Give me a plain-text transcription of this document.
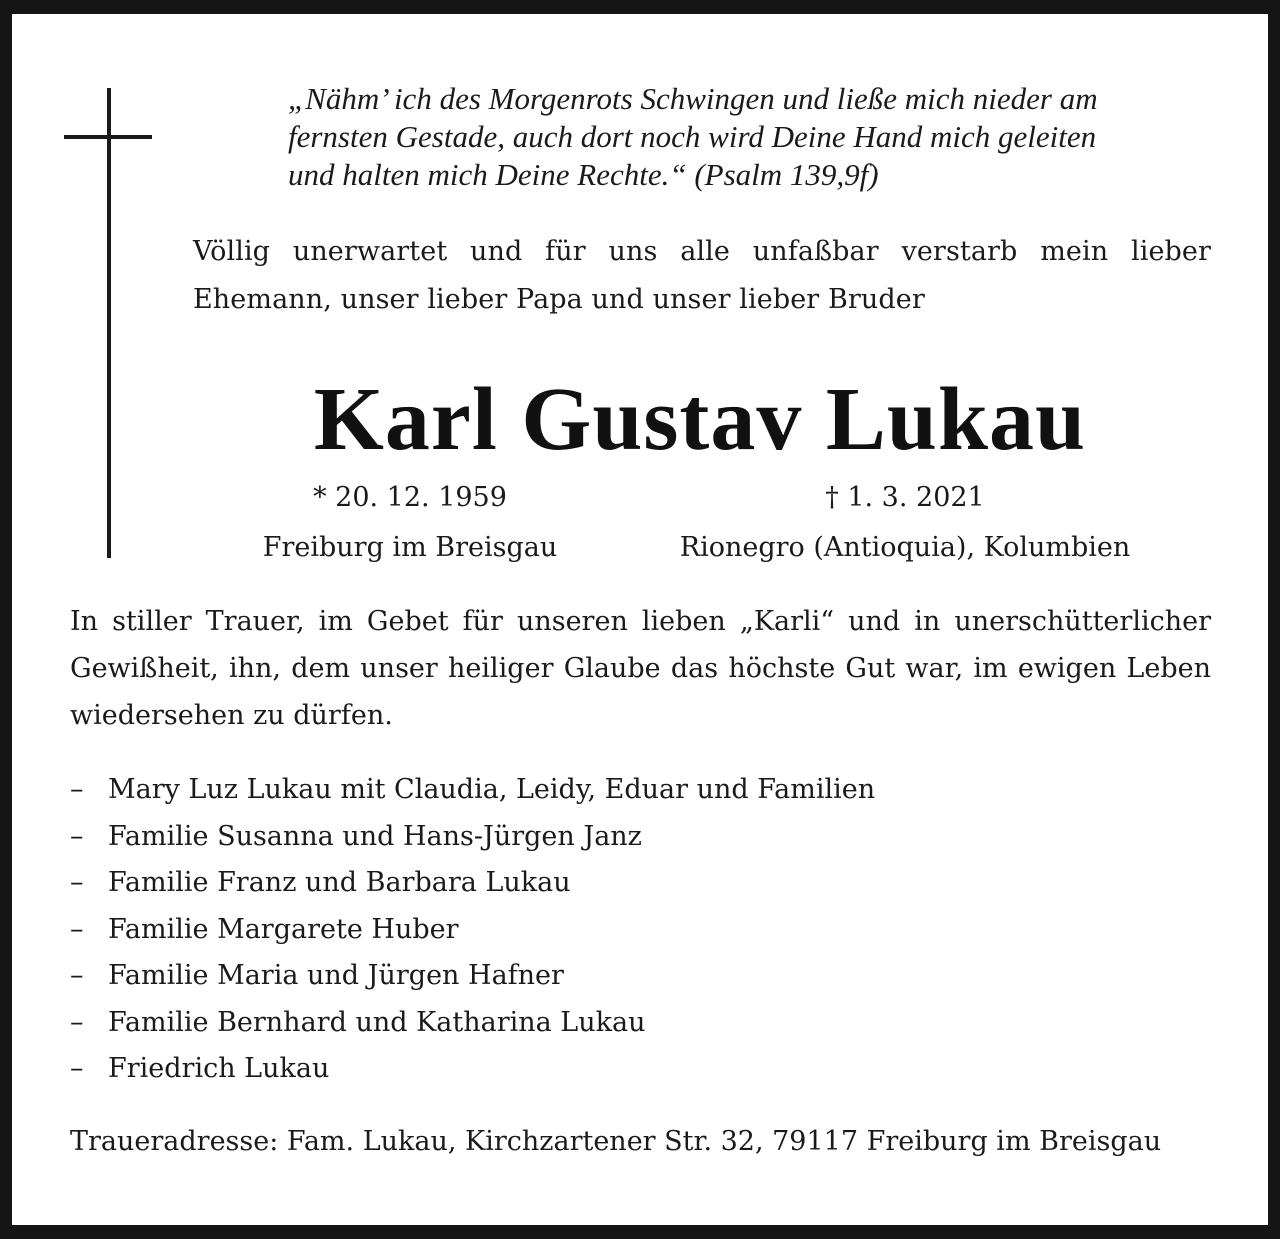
„Nähm’ ich des Morgenrots Schwingen und ließe mich nieder am
fernsten Gestade, auch dort noch wird Deine Hand mich geleiten
und halten mich Deine Rechte.“ (Psalm 139,9f)

Völlig unerwartet und für uns alle unfaßbar verstarb mein lieber Ehemann, unser lieber Papa und unser lieber Bruder

Karl Gustav Lukau
* 20. 12. 1959
Freiburg im Breisgau
† 1. 3. 2021
Rionegro (Antioquia), Kolumbien

In stiller Trauer, im Gebet für unseren lieben „Karli“ und in unerschütterlicher Gewißheit, ihn, dem unser heiliger Glaube das höchste Gut war, im ewigen Leben wiedersehen zu dürfen.

– Mary Luz Lukau mit Claudia, Leidy, Eduar und Familien
– Familie Susanna und Hans-Jürgen Janz
– Familie Franz und Barbara Lukau
– Familie Margarete Huber
– Familie Maria und Jürgen Hafner
– Familie Bernhard und Katharina Lukau
– Friedrich Lukau

Traueradresse: Fam. Lukau, Kirchzartener Str. 32, 79117 Freiburg im Breisgau
